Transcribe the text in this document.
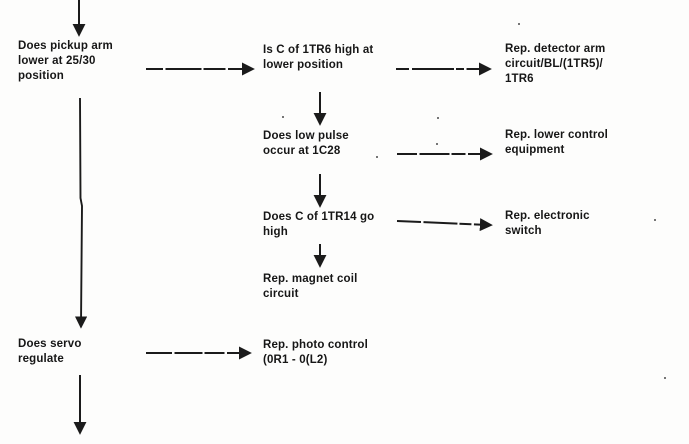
Does pickup arm
lower at 25/30
position
Is C of 1TR6 high at
lower position
Rep. detector arm
circuit/BL/(1TR5)/
1TR6
Does low pulse
occur at 1C28
Rep. lower control
equipment
Does C of 1TR14 go
high
Rep. electronic
switch
Rep. magnet coil
circuit
Does servo
regulate
Rep. photo control
(0R1 - 0(L2)
